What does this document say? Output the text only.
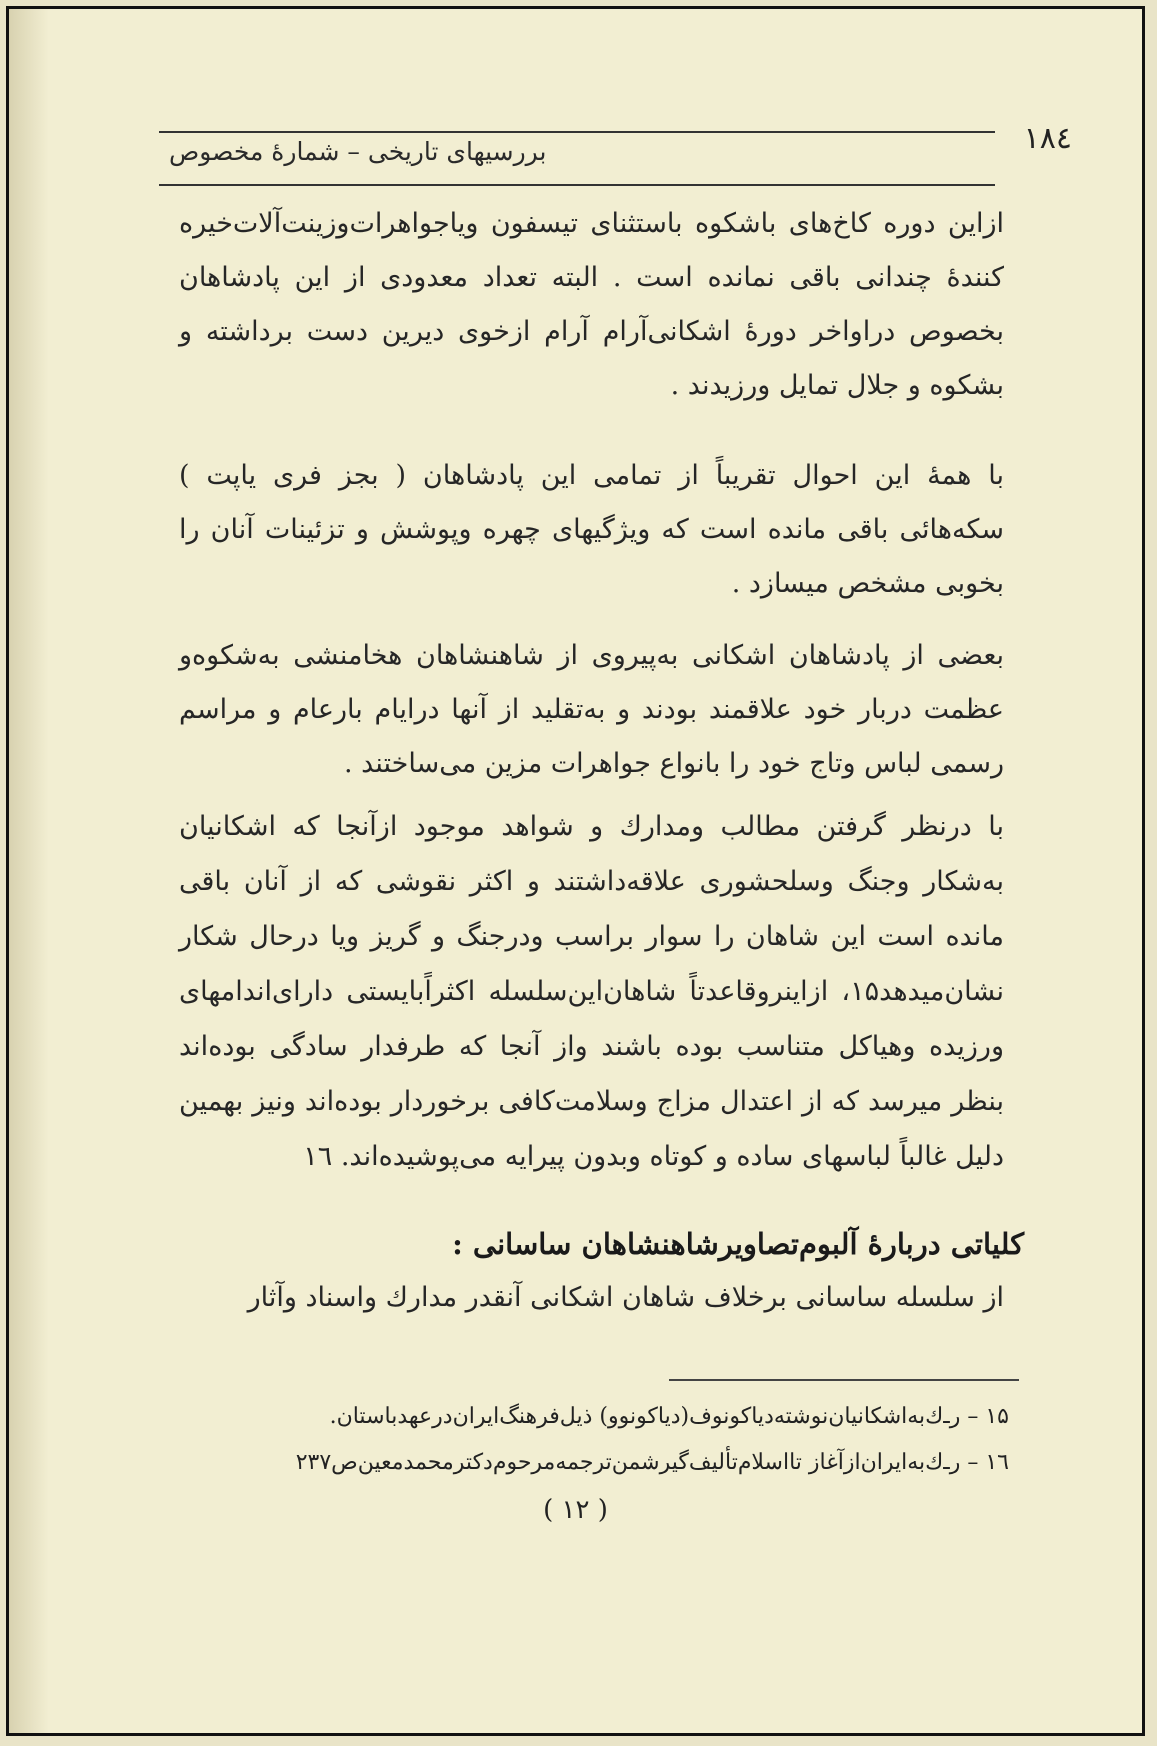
۱۸٤
بررسیهای تاریخی – شمارهٔ مخصوص
ازاین دوره کاخ‌های باشکوه باستثنای تیسفون ویاجواهرات‌وزینت‌آلات‌خیره کنندهٔ چندانی باقی نمانده است . البته تعداد معدودی از این پادشاهان بخصوص دراواخر دورهٔ اشکانی‌آرام آرام ازخوی دیرین دست برداشته و بشکوه و جلال تمایل ورزیدند .
با همهٔ این احوال تقریباً از تمامی این پادشاهان ( بجز فری یاپت ) سکه‌هائی باقی مانده است که ویژگیهای چهره وپوشش و تزئینات آنان را بخوبی مشخص میسازد .
بعضی از پادشاهان اشکانی به‌پیروی از شاهنشاهان هخامنشی به‌شکوه‌و عظمت دربار خود علاقمند بودند و به‌تقلید از آنها درایام بارعام و مراسم رسمی لباس وتاج خود را بانواع جواهرات مزین می‌ساختند .
با درنظر گرفتن مطالب ومدارك و شواهد موجود ازآنجا که اشکانیان به‌شکار وجنگ وسلحشوری علاقه‌داشتند و اکثر نقوشی که از آنان باقی مانده است این شاهان را سوار براسب ودرجنگ و گریز ویا درحال شکار نشان‌میدهد۱۵، ازاینرو‌قاعدتاً شاهان‌این‌سلسله اکثراًبایستی دارای‌اندامهای ورزیده وهیاکل متناسب بوده باشند واز آنجا که طرفدار سادگی بوده‌اند بنظر میرسد که از اعتدال مزاج وسلامت‌کافی برخوردار بوده‌اند ونیز بهمین دلیل غالباً لباسهای ساده و کوتاه وبدون پیرایه می‌پوشیده‌اند. ۱٦
کلیاتی دربارهٔ آلبوم‌تصاویرشاهنشاهان ساسانی :
از سلسله ساسانی برخلاف شاهان اشکانی آنقدر مدارك واسناد وآثار
۱۵ – ر‌ـ‌ك‌به‌اشکانیان‌نوشته‌دیاکونوف(دیاکونوو) ذیل‌فرهنگ‌ایران‌درعهدباستان.
۱٦ – ر‌ـ‌ك‌به‌ایران‌ازآغاز تااسلام‌تألیف‌گیرشمن‌ترجمه‌مرحوم‌دکترمحمدمعین‌ص۲۳۷
( ۱۲ )
